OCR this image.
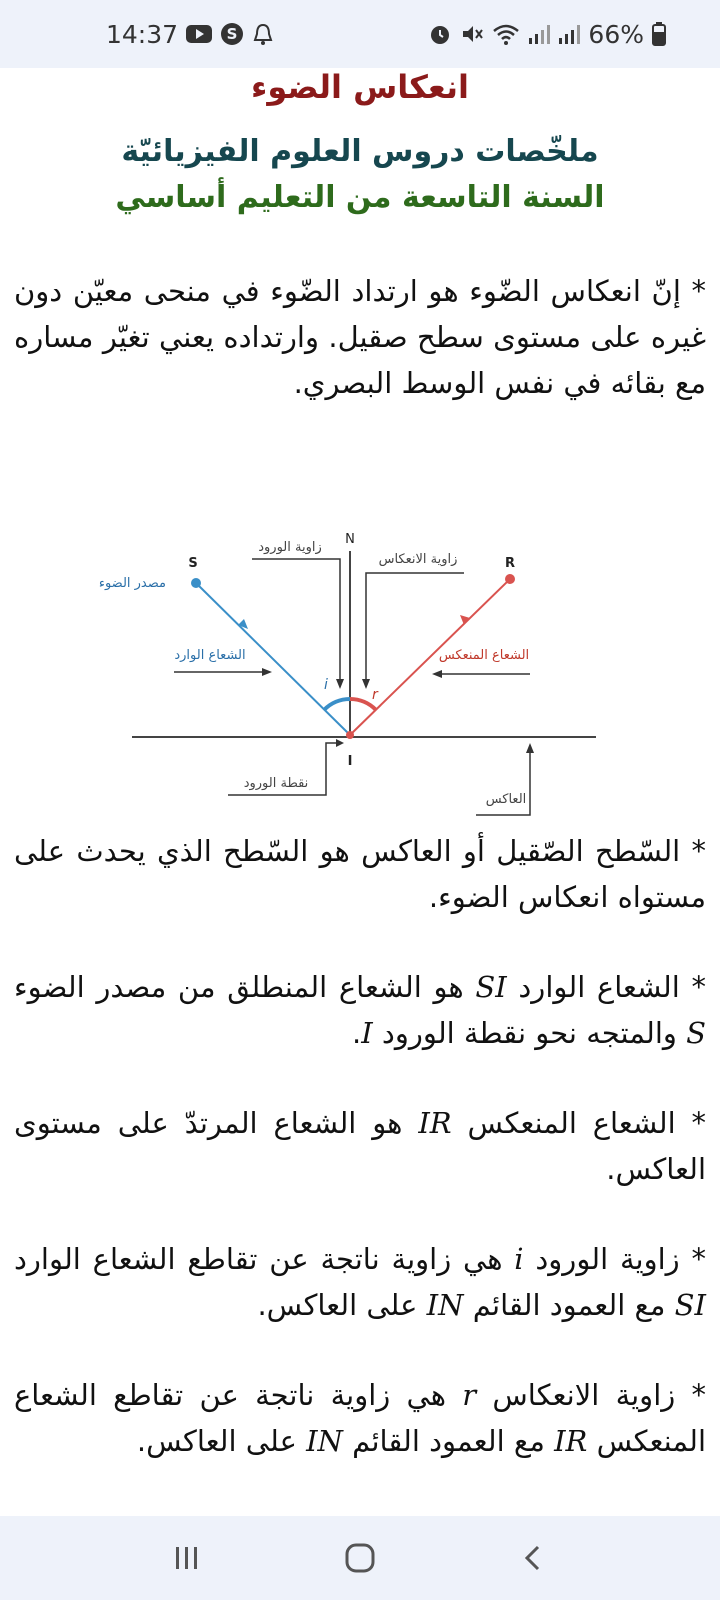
14:37	S	66%
انعكاس الضوء
ملخّصات دروس العلوم الفيزيائيّة
السنة التاسعة من التعليم أساسي

* إنّ انعكاس الضّوء هو ارتداد الضّوء في منحى معيّن دون غيره على مستوى سطح صقيل. وارتداده يعني تغيّر مساره مع بقائه في نفس الوسط البصري.

N
S
مصدر الضوء
R
I
i
r
زاوية الورود
زاوية الانعكاس
الشعاع الوارد	الشعاع المنعكس
نقطة الورود
العاكس

* السّطح الصّقيل أو العاكس هو السّطح الذي يحدث على مستواه انعكاس الضوء.

* الشعاع الوارد SI هو الشعاع المنطلق من مصدر الضوء S والمتجه نحو نقطة الورود I.

* الشعاع المنعكس IR هو الشعاع المرتدّ على مستوى العاكس.

* زاوية الورود i هي زاوية ناتجة عن تقاطع الشعاع الوارد SI مع العمود القائم IN على العاكس.

* زاوية الانعكاس r هي زاوية ناتجة عن تقاطع الشعاع المنعكس IR مع العمود القائم IN على العاكس.
